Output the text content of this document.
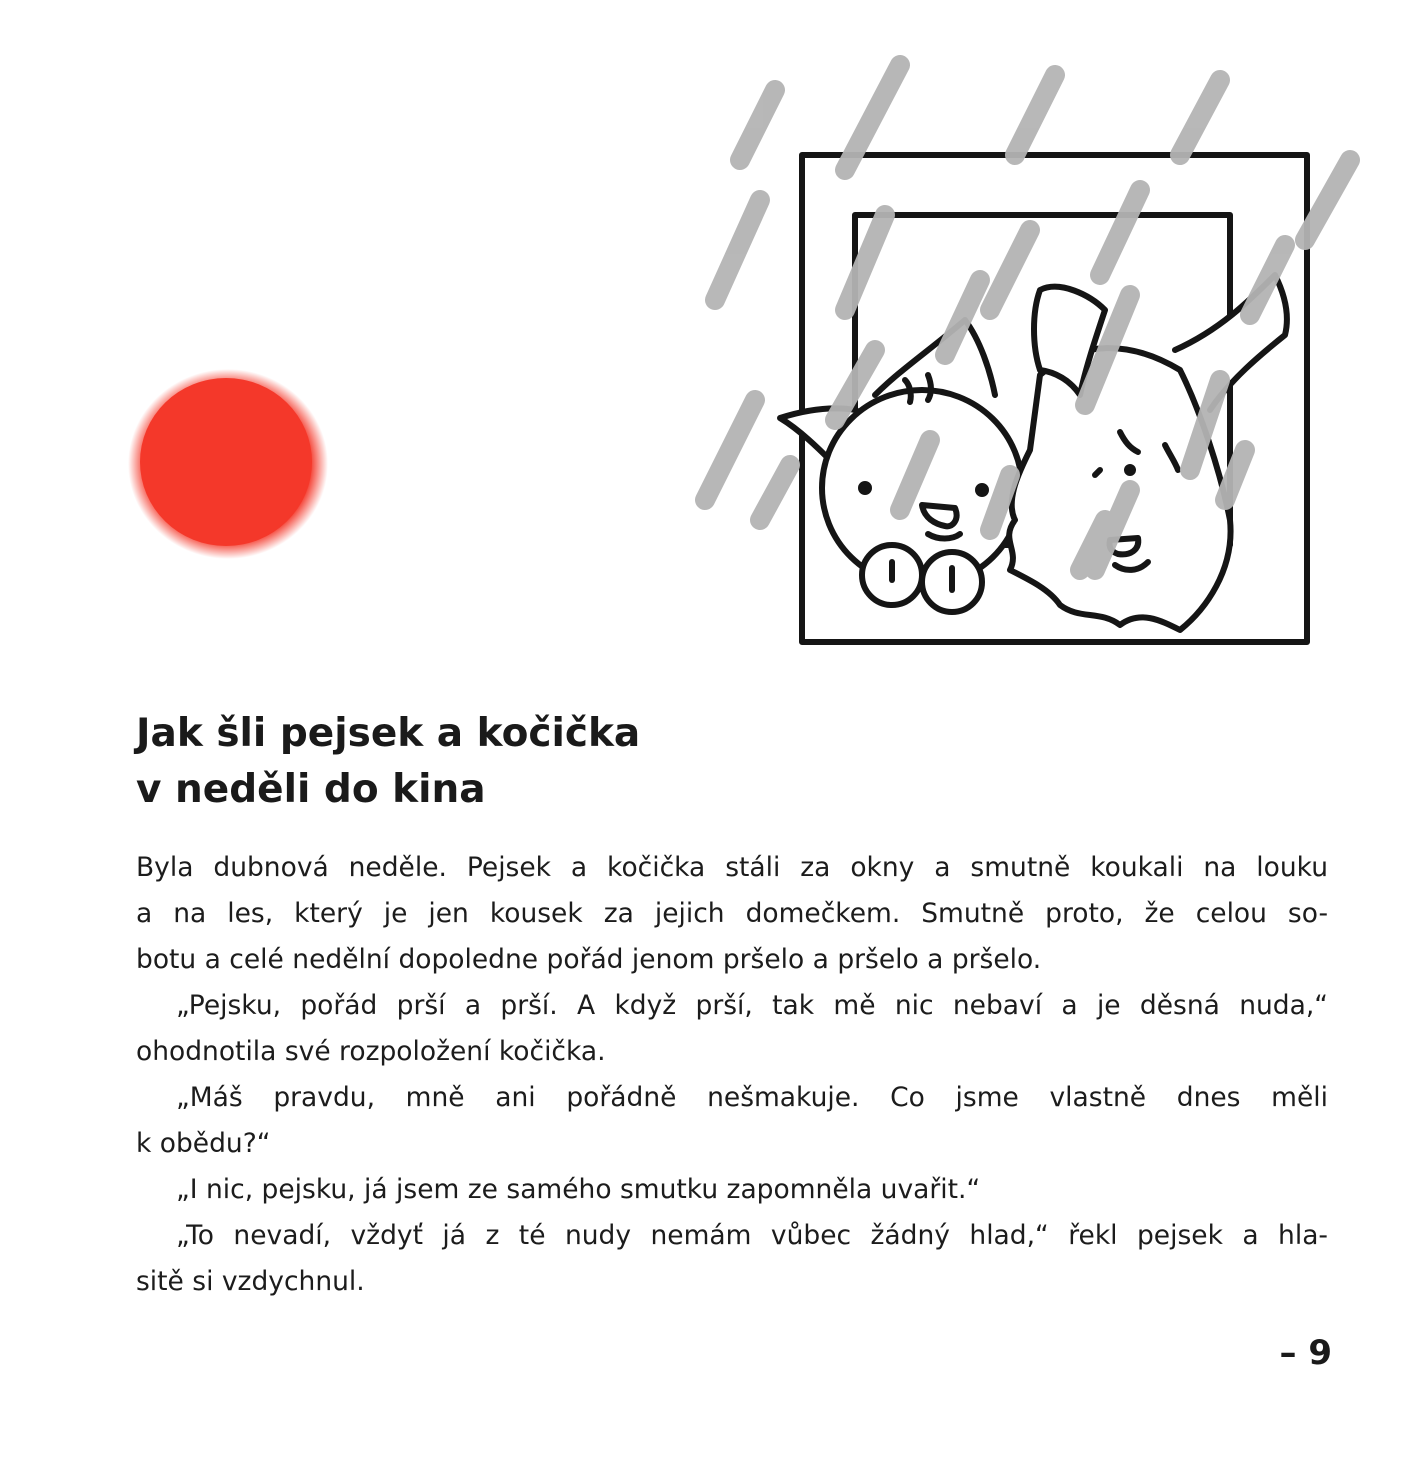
Jak šli pejsek a kočička
v neděli do kina

Byla dubnová neděle. Pejsek a kočička stáli za okny a smutně koukali na louku
a na les, který je jen kousek za jejich domečkem. Smutně proto, že celou so-
botu a celé nedělní dopoledne pořád jenom pršelo a pršelo a pršelo.

„Pejsku, pořád prší a prší. A když prší, tak mě nic nebaví a je děsná nuda,“
ohodnotila své rozpoložení kočička.

„Máš pravdu, mně ani pořádně nešmakuje. Co jsme vlastně dnes měli
k obědu?“

„I nic, pejsku, já jsem ze samého smutku zapomněla uvařit.“

„To nevadí, vždyť já z té nudy nemám vůbec žádný hlad,“ řekl pejsek a hla-
sitě si vzdychnul.

– 9
